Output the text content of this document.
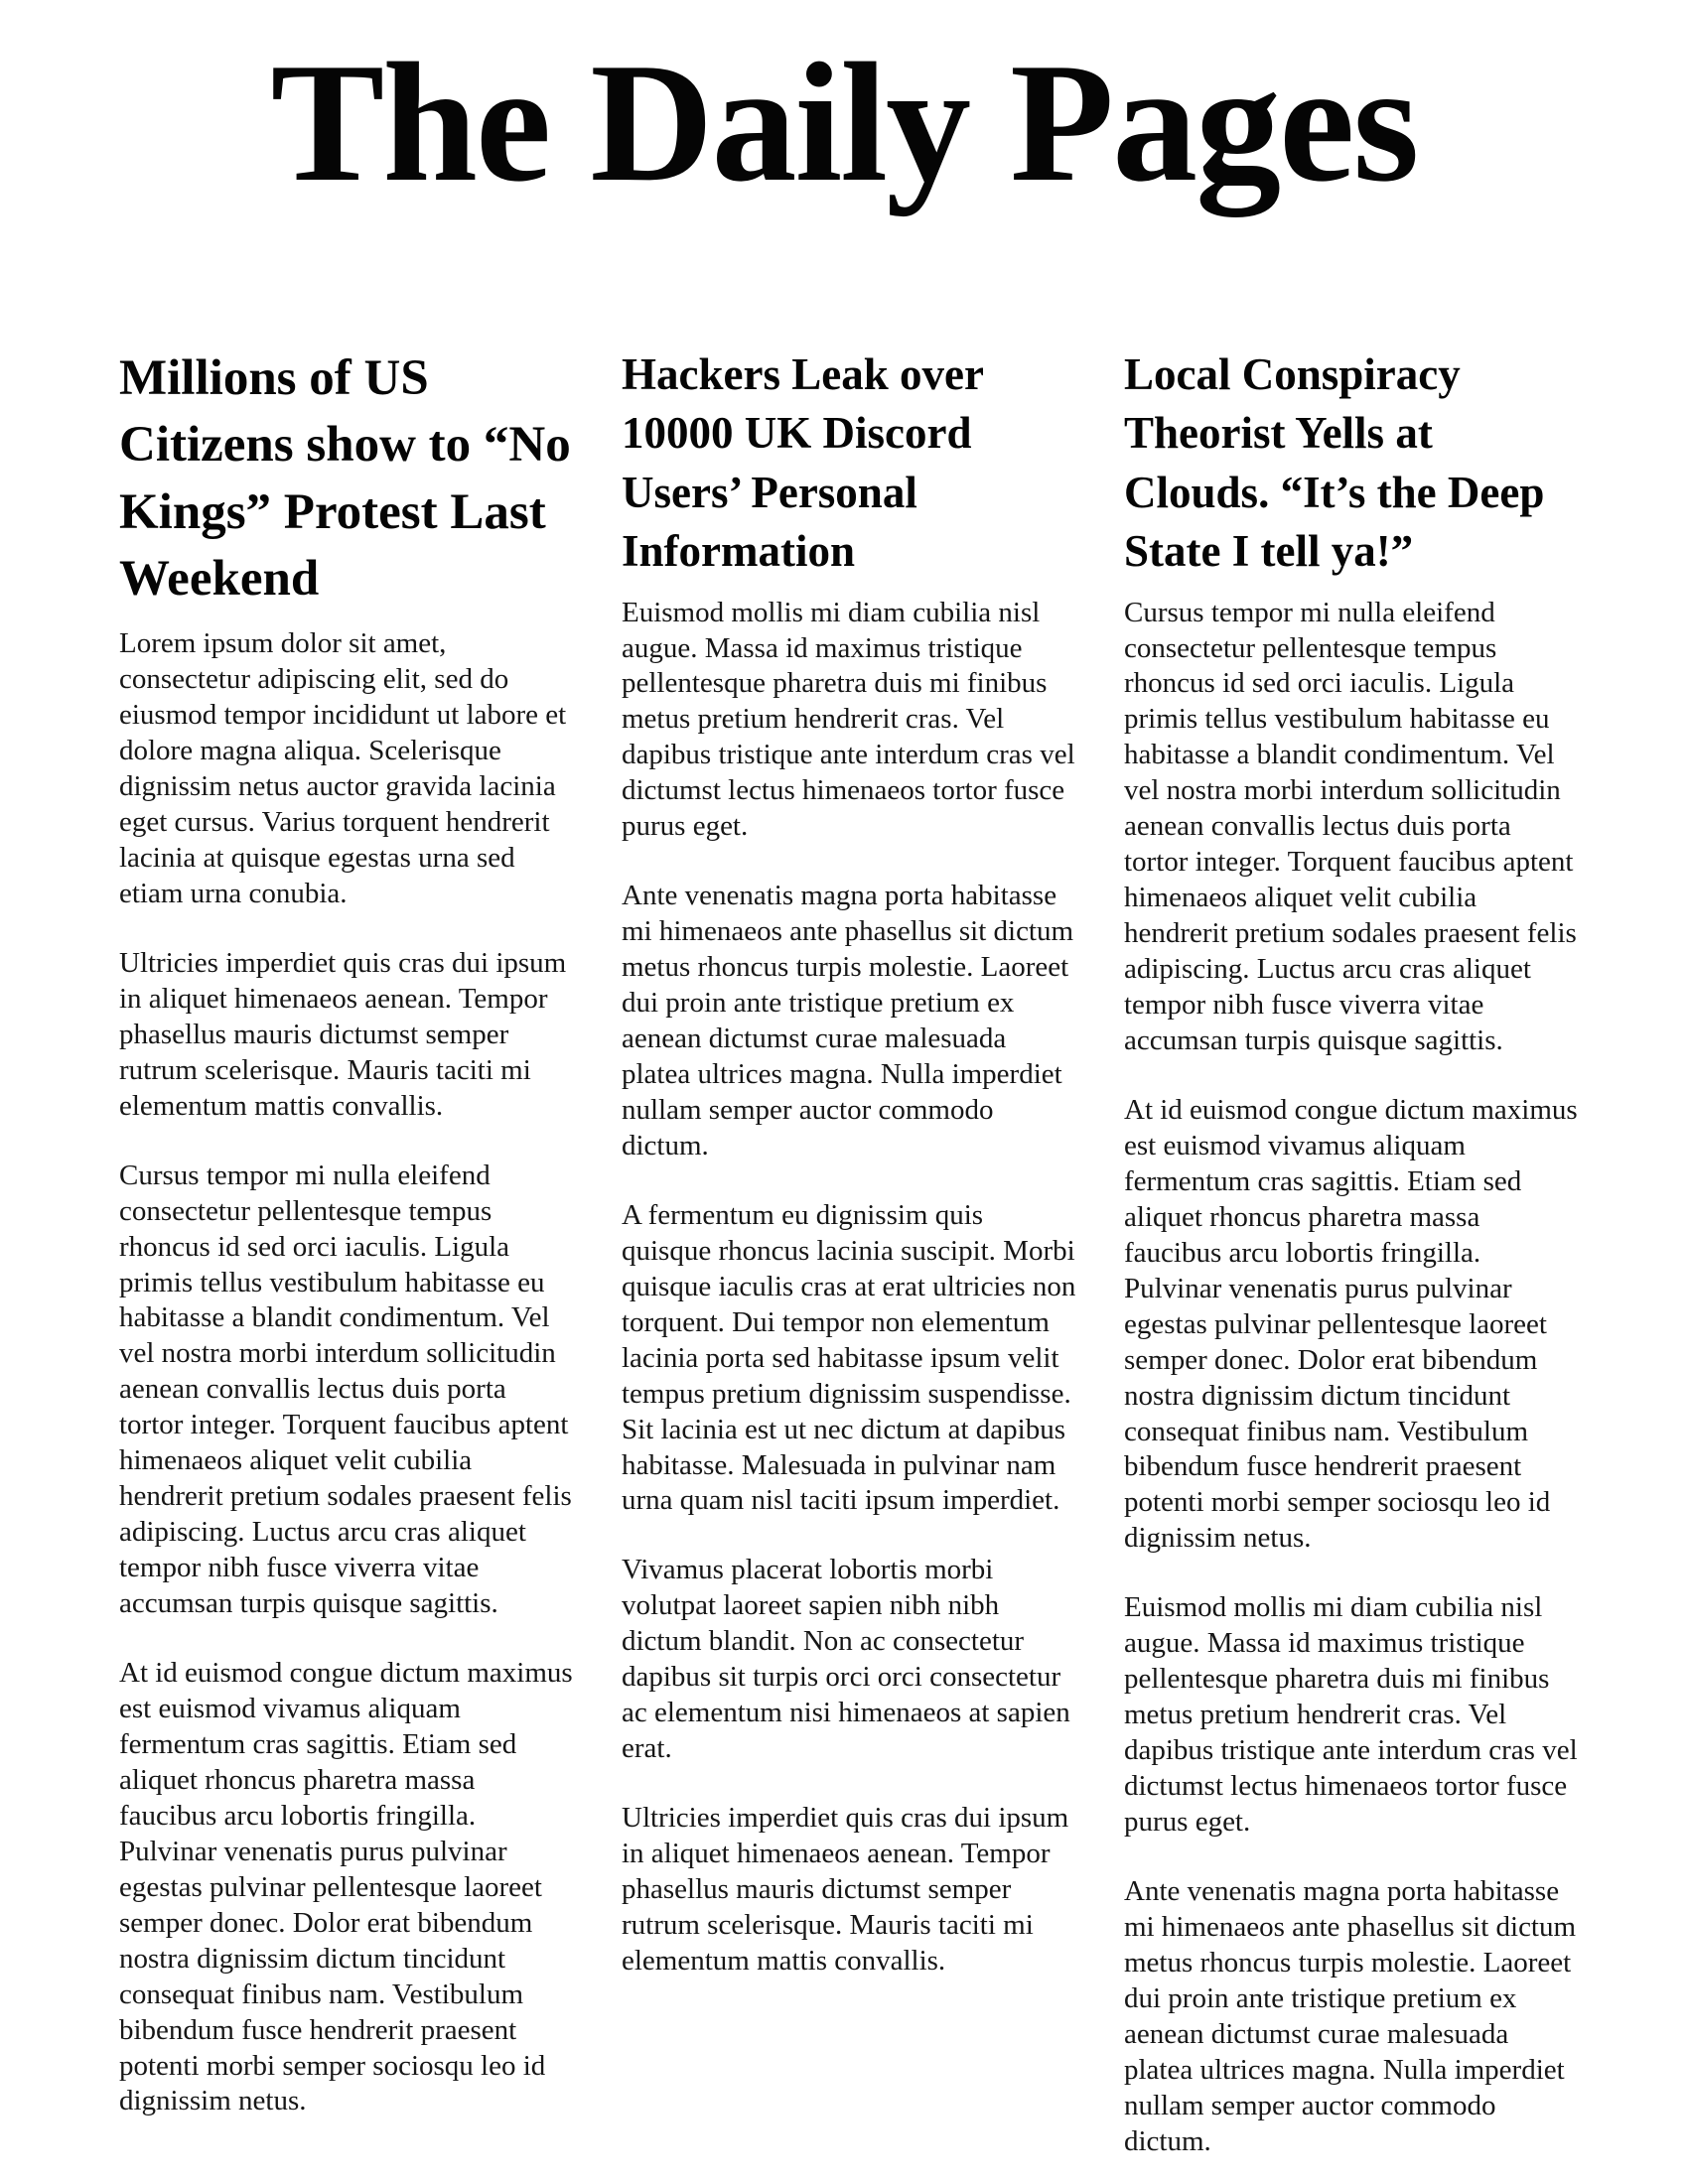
The Daily Pages
Millions of US Citizens show to “No Kings” Protest Last Weekend

Lorem ipsum dolor sit amet, consectetur adipiscing elit, sed do eiusmod tempor incididunt ut labore et dolore magna aliqua. Scelerisque dignissim netus auctor gravida lacinia eget cursus. Varius torquent hendrerit lacinia at quisque egestas urna sed etiam urna conubia.

Ultricies imperdiet quis cras dui ipsum in aliquet himenaeos aenean. Tempor phasellus mauris dictumst semper rutrum scelerisque. Mauris taciti mi elementum mattis convallis.

Cursus tempor mi nulla eleifend consectetur pellentesque tempus rhoncus id sed orci iaculis. Ligula primis tellus vestibulum habitasse eu habitasse a blandit condimentum. Vel vel nostra morbi interdum sollicitudin aenean convallis lectus duis porta tortor integer. Torquent faucibus aptent himenaeos aliquet velit cubilia hendrerit pretium sodales praesent felis adipiscing. Luctus arcu cras aliquet tempor nibh fusce viverra vitae accumsan turpis quisque sagittis.

At id euismod congue dictum maximus est euismod vivamus aliquam fermentum cras sagittis. Etiam sed aliquet rhoncus pharetra massa faucibus arcu lobortis fringilla. Pulvinar venenatis purus pulvinar egestas pulvinar pellentesque laoreet semper donec. Dolor erat bibendum nostra dignissim dictum tincidunt consequat finibus nam. Vestibulum bibendum fusce hendrerit praesent potenti morbi semper sociosqu leo id dignissim netus.

Hackers Leak over 10000 UK Discord Users’ Personal Information

Euismod mollis mi diam cubilia nisl augue. Massa id maximus tristique pellentesque pharetra duis mi finibus metus pretium hendrerit cras. Vel dapibus tristique ante interdum cras vel dictumst lectus himenaeos tortor fusce purus eget.

Ante venenatis magna porta habitasse mi himenaeos ante phasellus sit dictum metus rhoncus turpis molestie. Laoreet dui proin ante tristique pretium ex aenean dictumst curae malesuada platea ultrices magna. Nulla imperdiet nullam semper auctor commodo dictum.

A fermentum eu dignissim quis quisque rhoncus lacinia suscipit. Morbi quisque iaculis cras at erat ultricies non torquent. Dui tempor non elementum lacinia porta sed habitasse ipsum velit tempus pretium dignissim suspendisse. Sit lacinia est ut nec dictum at dapibus habitasse. Malesuada in pulvinar nam urna quam nisl taciti ipsum imperdiet.

Vivamus placerat lobortis morbi volutpat laoreet sapien nibh nibh dictum blandit. Non ac consectetur dapibus sit turpis orci orci consectetur ac elementum nisi himenaeos at sapien erat.

Ultricies imperdiet quis cras dui ipsum in aliquet himenaeos aenean. Tempor phasellus mauris dictumst semper rutrum scelerisque. Mauris taciti mi elementum mattis convallis.

Local Conspiracy Theorist Yells at Clouds. “It’s the Deep State I tell ya!”

Cursus tempor mi nulla eleifend consectetur pellentesque tempus rhoncus id sed orci iaculis. Ligula primis tellus vestibulum habitasse eu habitasse a blandit condimentum. Vel vel nostra morbi interdum sollicitudin aenean convallis lectus duis porta tortor integer. Torquent faucibus aptent himenaeos aliquet velit cubilia hendrerit pretium sodales praesent felis adipiscing. Luctus arcu cras aliquet tempor nibh fusce viverra vitae accumsan turpis quisque sagittis.

At id euismod congue dictum maximus est euismod vivamus aliquam fermentum cras sagittis. Etiam sed aliquet rhoncus pharetra massa faucibus arcu lobortis fringilla. Pulvinar venenatis purus pulvinar egestas pulvinar pellentesque laoreet semper donec. Dolor erat bibendum nostra dignissim dictum tincidunt consequat finibus nam. Vestibulum bibendum fusce hendrerit praesent potenti morbi semper sociosqu leo id dignissim netus.

Euismod mollis mi diam cubilia nisl augue. Massa id maximus tristique pellentesque pharetra duis mi finibus metus pretium hendrerit cras. Vel dapibus tristique ante interdum cras vel dictumst lectus himenaeos tortor fusce purus eget.

Ante venenatis magna porta habitasse mi himenaeos ante phasellus sit dictum metus rhoncus turpis molestie. Laoreet dui proin ante tristique pretium ex aenean dictumst curae malesuada platea ultrices magna. Nulla imperdiet nullam semper auctor commodo dictum.
